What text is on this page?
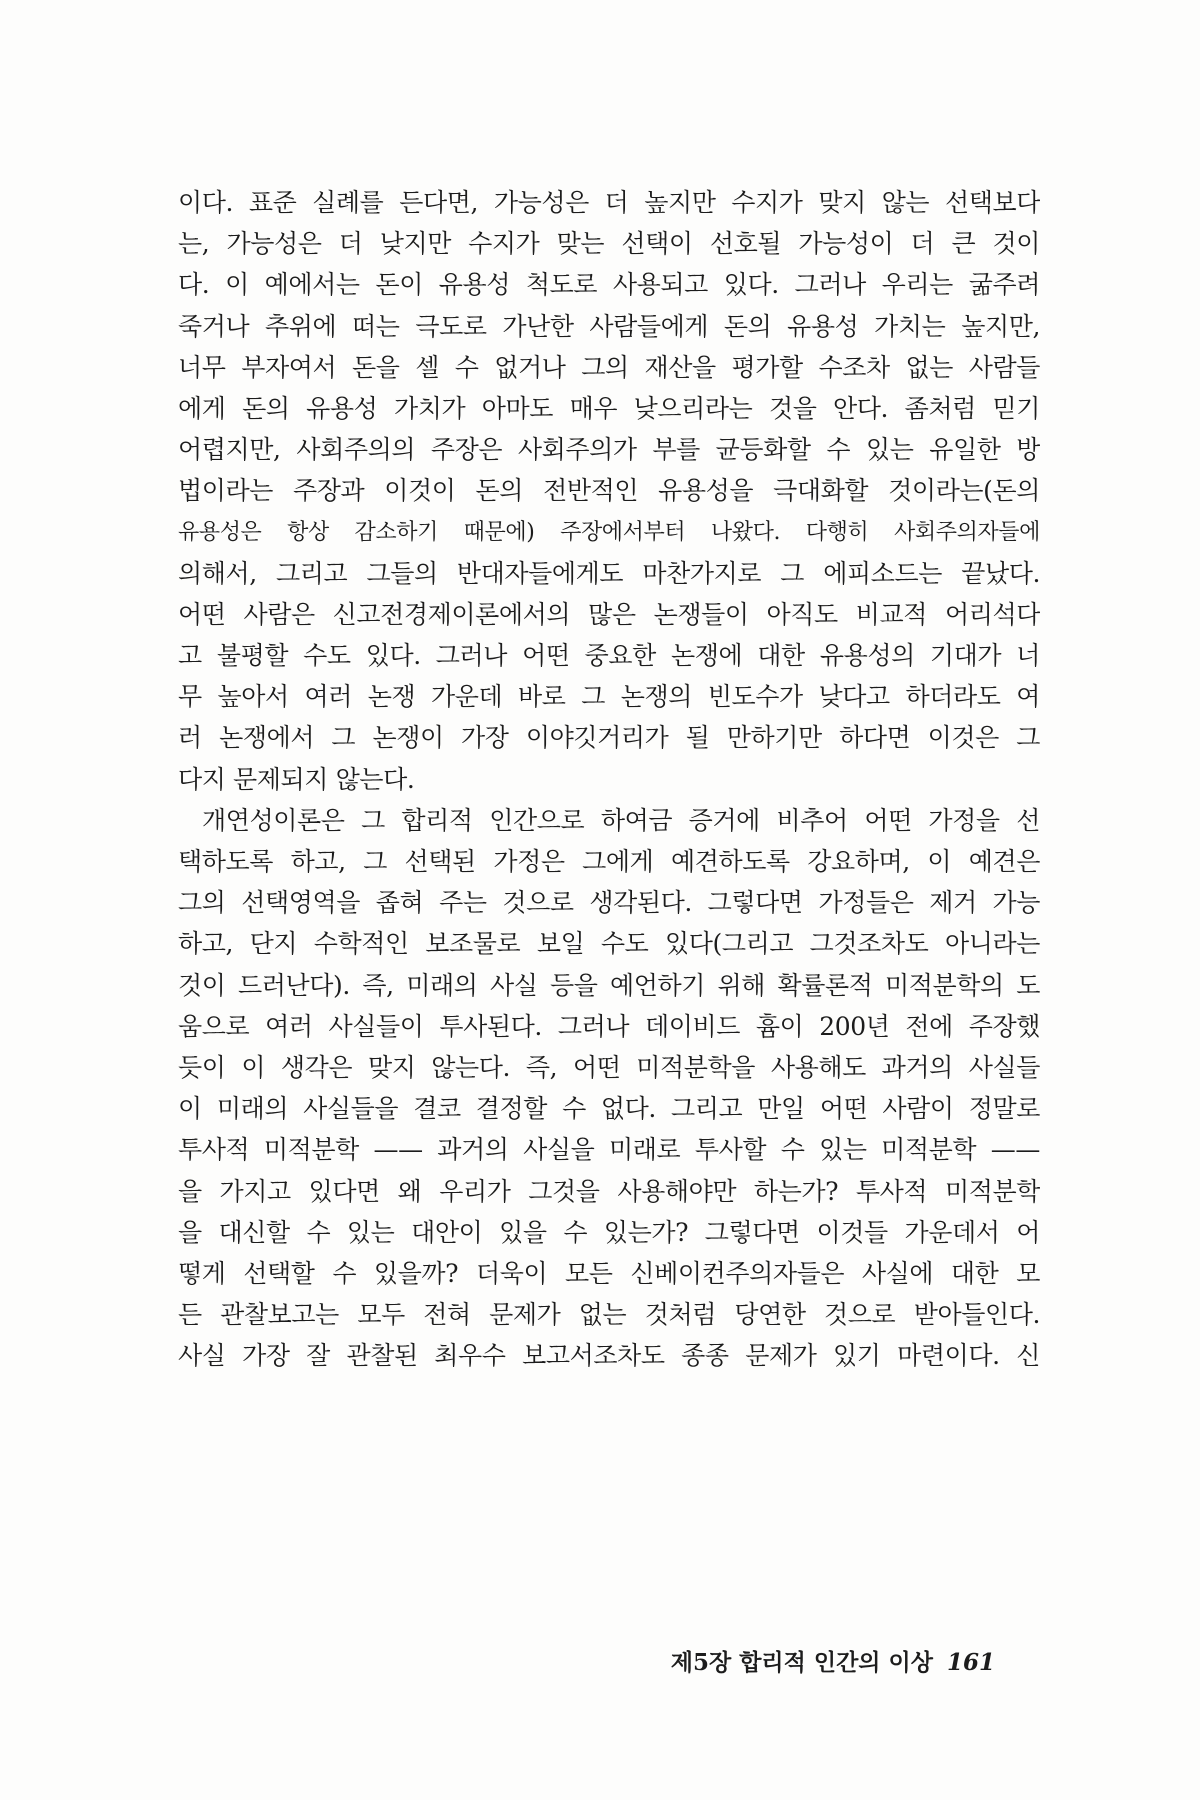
이다. 표준 실례를 든다면, 가능성은 더 높지만 수지가 맞지 않는 선택보다
는, 가능성은 더 낮지만 수지가 맞는 선택이 선호될 가능성이 더 큰 것이
다. 이 예에서는 돈이 유용성 척도로 사용되고 있다. 그러나 우리는 굶주려
죽거나 추위에 떠는 극도로 가난한 사람들에게 돈의 유용성 가치는 높지만,
너무 부자여서 돈을 셀 수 없거나 그의 재산을 평가할 수조차 없는 사람들
에게 돈의 유용성 가치가 아마도 매우 낮으리라는 것을 안다. 좀처럼 믿기
어렵지만, 사회주의의 주장은 사회주의가 부를 균등화할 수 있는 유일한 방
법이라는 주장과 이것이 돈의 전반적인 유용성을 극대화할 것이라는(돈의
유용성은 항상 감소하기 때문에) 주장에서부터 나왔다. 다행히 사회주의자들에
의해서, 그리고 그들의 반대자들에게도 마찬가지로 그 에피소드는 끝났다.
어떤 사람은 신고전경제이론에서의 많은 논쟁들이 아직도 비교적 어리석다
고 불평할 수도 있다. 그러나 어떤 중요한 논쟁에 대한 유용성의 기대가 너
무 높아서 여러 논쟁 가운데 바로 그 논쟁의 빈도수가 낮다고 하더라도 여
러 논쟁에서 그 논쟁이 가장 이야깃거리가 될 만하기만 하다면 이것은 그
다지 문제되지 않는다.
개연성이론은 그 합리적 인간으로 하여금 증거에 비추어 어떤 가정을 선
택하도록 하고, 그 선택된 가정은 그에게 예견하도록 강요하며, 이 예견은
그의 선택영역을 좁혀 주는 것으로 생각된다. 그렇다면 가정들은 제거 가능
하고, 단지 수학적인 보조물로 보일 수도 있다(그리고 그것조차도 아니라는
것이 드러난다). 즉, 미래의 사실 등을 예언하기 위해 확률론적 미적분학의 도
움으로 여러 사실들이 투사된다. 그러나 데이비드 흄이 200년 전에 주장했
듯이 이 생각은 맞지 않는다. 즉, 어떤 미적분학을 사용해도 과거의 사실들
이 미래의 사실들을 결코 결정할 수 없다. 그리고 만일 어떤 사람이 정말로
투사적 미적분학 —— 과거의 사실을 미래로 투사할 수 있는 미적분학 ——
을 가지고 있다면 왜 우리가 그것을 사용해야만 하는가? 투사적 미적분학
을 대신할 수 있는 대안이 있을 수 있는가? 그렇다면 이것들 가운데서 어
떻게 선택할 수 있을까? 더욱이 모든 신베이컨주의자들은 사실에 대한 모
든 관찰보고는 모두 전혀 문제가 없는 것처럼 당연한 것으로 받아들인다.
사실 가장 잘 관찰된 최우수 보고서조차도 종종 문제가 있기 마련이다. 신
제5장 합리적 인간의 이상 161
